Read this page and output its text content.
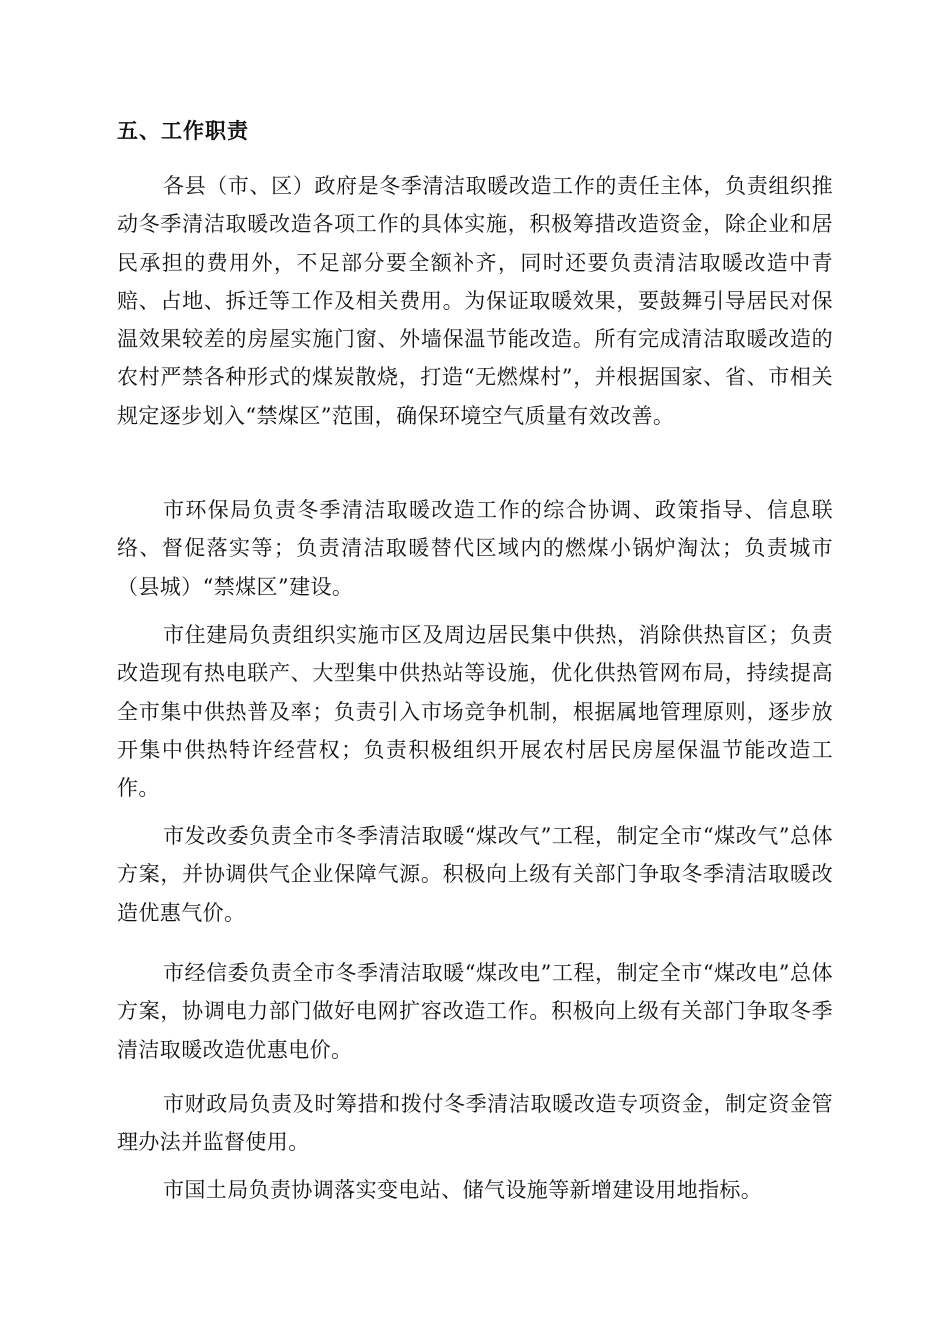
五、工作职责

各县（市、区）政府是冬季清洁取暖改造工作的责任主体，负责组织推动冬季清洁取暖改造各项工作的具体实施，积极筹措改造资金，除企业和居民承担的费用外，不足部分要全额补齐，同时还要负责清洁取暖改造中青赔、占地、拆迁等工作及相关费用。为保证取暖效果，要鼓舞引导居民对保温效果较差的房屋实施门窗、外墙保温节能改造。所有完成清洁取暖改造的农村严禁各种形式的煤炭散烧，打造“无燃煤村”，并根据国家、省、市相关规定逐步划入“禁煤区”范围，确保环境空气质量有效改善。

市环保局负责冬季清洁取暖改造工作的综合协调、政策指导、信息联络、督促落实等；负责清洁取暖替代区域内的燃煤小锅炉淘汰；负责城市（县城）“禁煤区”建设。

市住建局负责组织实施市区及周边居民集中供热，消除供热盲区；负责改造现有热电联产、大型集中供热站等设施，优化供热管网布局，持续提高全市集中供热普及率；负责引入市场竞争机制，根据属地管理原则，逐步放开集中供热特许经营权；负责积极组织开展农村居民房屋保温节能改造工作。

市发改委负责全市冬季清洁取暖“煤改气”工程，制定全市“煤改气”总体方案，并协调供气企业保障气源。积极向上级有关部门争取冬季清洁取暖改造优惠气价。

市经信委负责全市冬季清洁取暖“煤改电”工程，制定全市“煤改电”总体方案，协调电力部门做好电网扩容改造工作。积极向上级有关部门争取冬季清洁取暖改造优惠电价。

市财政局负责及时筹措和拨付冬季清洁取暖改造专项资金，制定资金管理办法并监督使用。

市国土局负责协调落实变电站、储气设施等新增建设用地指标。
